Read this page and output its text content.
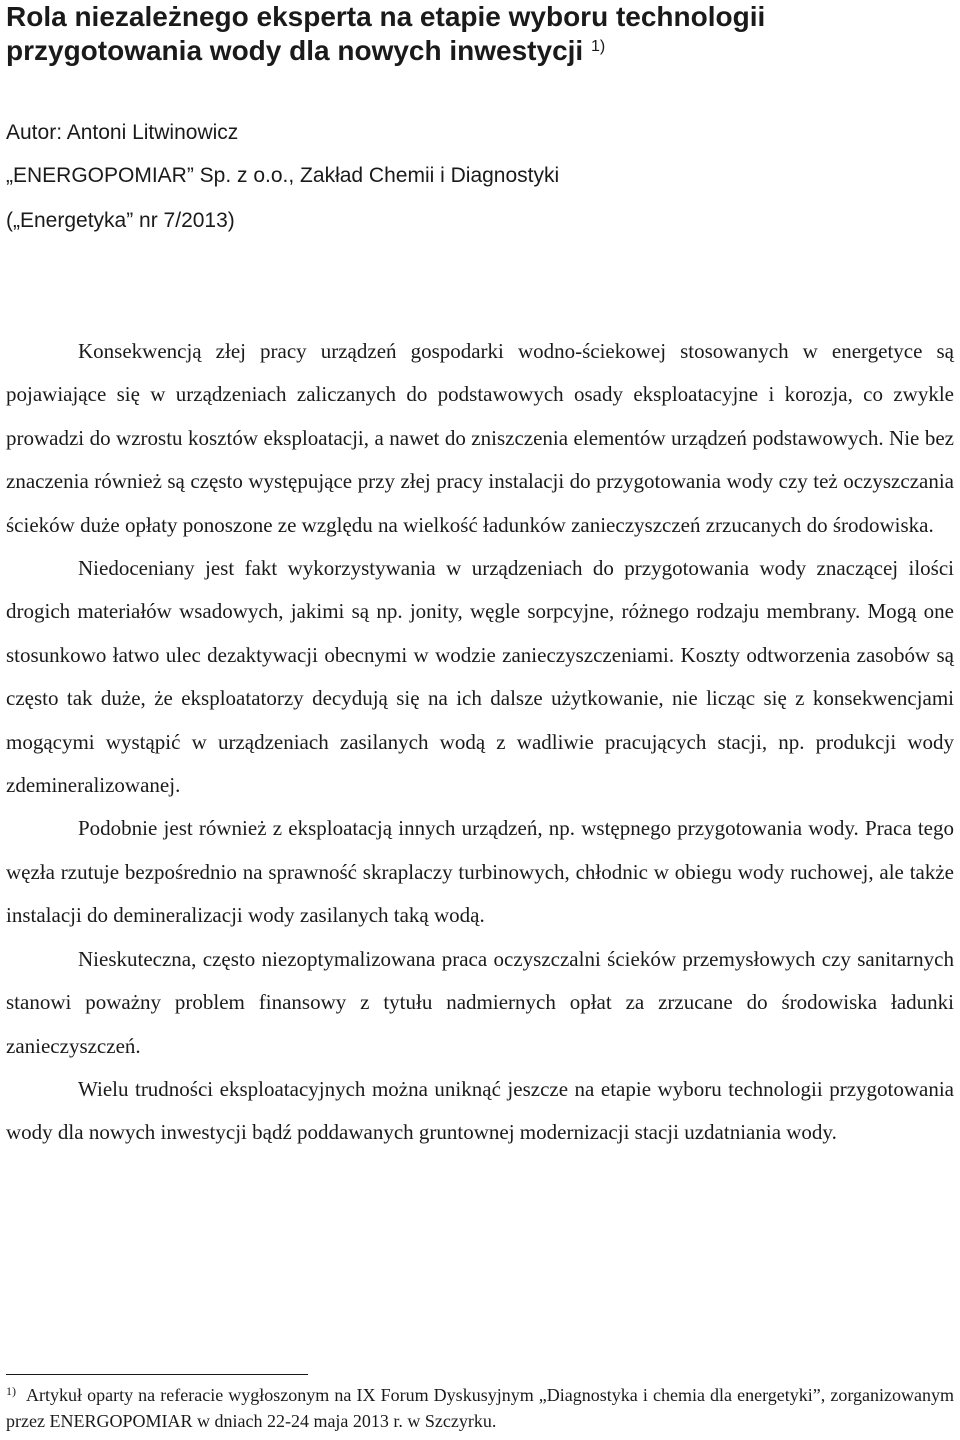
Rola niezależnego eksperta na etapie wyboru technologii przygotowania wody dla nowych inwestycji $^{1)}$
Autor: Antoni Litwinowicz
„ENERGOPOMIAR” Sp. z o.o., Zakład Chemii i Diagnostyki
(„Energetyka” nr 7/2013)

Konsekwencją złej pracy urządzeń gospodarki wodno-ściekowej stosowanych w energetyce są pojawiające się w urządzeniach zaliczanych do podstawowych osady eksploatacyjne i korozja, co zwykle prowadzi do wzrostu kosztów eksploatacji, a nawet do zniszczenia elementów urządzeń podstawowych. Nie bez znaczenia również są często występujące przy złej pracy instalacji do przygotowania wody czy też oczyszczania ścieków duże opłaty ponoszone ze względu na wielkość ładunków zanieczyszczeń zrzucanych do środowiska.

Niedoceniany jest fakt wykorzystywania w urządzeniach do przygotowania wody znaczącej ilości drogich materiałów wsadowych, jakimi są np. jonity, węgle sorpcyjne, różnego rodzaju membrany. Mogą one stosunkowo łatwo ulec dezaktywacji obecnymi w wodzie zanieczyszczeniami. Koszty odtworzenia zasobów są często tak duże, że eksploatatorzy decydują się na ich dalsze użytkowanie, nie licząc się z konsekwencjami mogącymi wystąpić w urządzeniach zasilanych wodą z wadliwie pracujących stacji, np. produkcji wody zdemineralizowanej.

Podobnie jest również z eksploatacją innych urządzeń, np. wstępnego przygotowania wody. Praca tego węzła rzutuje bezpośrednio na sprawność skraplaczy turbinowych, chłodnic w obiegu wody ruchowej, ale także instalacji do demineralizacji wody zasilanych taką wodą.

Nieskuteczna, często niezoptymalizowana praca oczyszczalni ścieków przemysłowych czy sanitarnych stanowi poważny problem finansowy z tytułu nadmiernych opłat za zrzucane do środowiska ładunki zanieczyszczeń.

Wielu trudności eksploatacyjnych można uniknąć jeszcze na etapie wyboru technologii przygotowania wody dla nowych inwestycji bądź poddawanych gruntownej modernizacji stacji uzdatniania wody.

$^{1)}$ Artykuł oparty na referacie wygłoszonym na IX Forum Dyskusyjnym „Diagnostyka i chemia dla energetyki”, zorganizowanym przez ENERGOPOMIAR w dniach 22-24 maja 2013 r. w Szczyrku.
